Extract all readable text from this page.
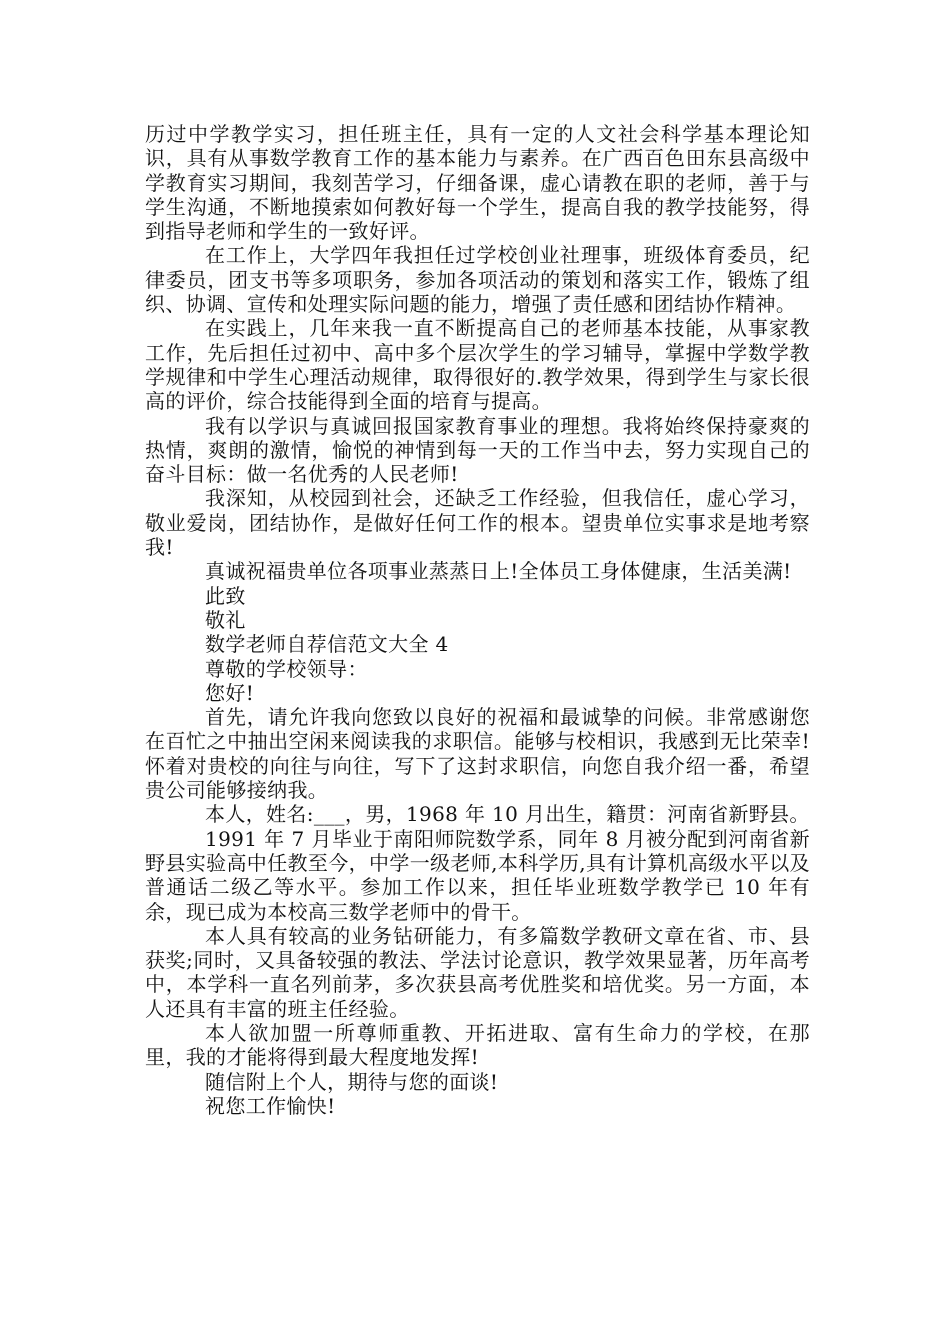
历过中学教学实习，担任班主任，具有一定的人文社会科学基本理论知识，具有从事数学教育工作的基本能力与素养。在广西百色田东县高级中学教育实习期间，我刻苦学习，仔细备课，虚心请教在职的老师，善于与学生沟通，不断地摸索如何教好每一个学生，提高自我的教学技能努，得到指导老师和学生的一致好评。

在工作上，大学四年我担任过学校创业社理事，班级体育委员，纪律委员，团支书等多项职务，参加各项活动的策划和落实工作，锻炼了组织、协调、宣传和处理实际问题的能力，增强了责任感和团结协作精神。

在实践上，几年来我一直不断提高自己的老师基本技能，从事家教工作，先后担任过初中、高中多个层次学生的学习辅导，掌握中学数学教学规律和中学生心理活动规律，取得很好的.教学效果，得到学生与家长很高的评价，综合技能得到全面的培育与提高。

我有以学识与真诚回报国家教育事业的理想。我将始终保持豪爽的热情，爽朗的激情，愉悦的神情到每一天的工作当中去，努力实现自己的奋斗目标：做一名优秀的人民老师!

我深知，从校园到社会，还缺乏工作经验，但我信任，虚心学习，敬业爱岗，团结协作，是做好任何工作的根本。望贵单位实事求是地考察我!

真诚祝福贵单位各项事业蒸蒸日上!全体员工身体健康，生活美满!

此致

敬礼

数学老师自荐信范文大全 4

尊敬的学校领导：

您好!

首先，请允许我向您致以良好的祝福和最诚挚的问候。非常感谢您在百忙之中抽出空闲来阅读我的求职信。能够与校相识，我感到无比荣幸!怀着对贵校的向往与向往，写下了这封求职信，向您自我介绍一番，希望贵公司能够接纳我。

本人，姓名:___，男，1968 年 10 月出生，籍贯：河南省新野县。

1991 年 7 月毕业于南阳师院数学系，同年 8 月被分配到河南省新野县实验高中任教至今，中学一级老师,本科学历,具有计算机高级水平以及普通话二级乙等水平。参加工作以来，担任毕业班数学教学已 10 年有余，现已成为本校高三数学老师中的骨干。

本人具有较高的业务钻研能力，有多篇数学教研文章在省、市、县获奖;同时，又具备较强的教法、学法讨论意识，教学效果显著，历年高考中，本学科一直名列前茅，多次获县高考优胜奖和培优奖。另一方面，本人还具有丰富的班主任经验。

本人欲加盟一所尊师重教、开拓进取、富有生命力的学校，在那里，我的才能将得到最大程度地发挥!

随信附上个人，期待与您的面谈!

祝您工作愉快!
